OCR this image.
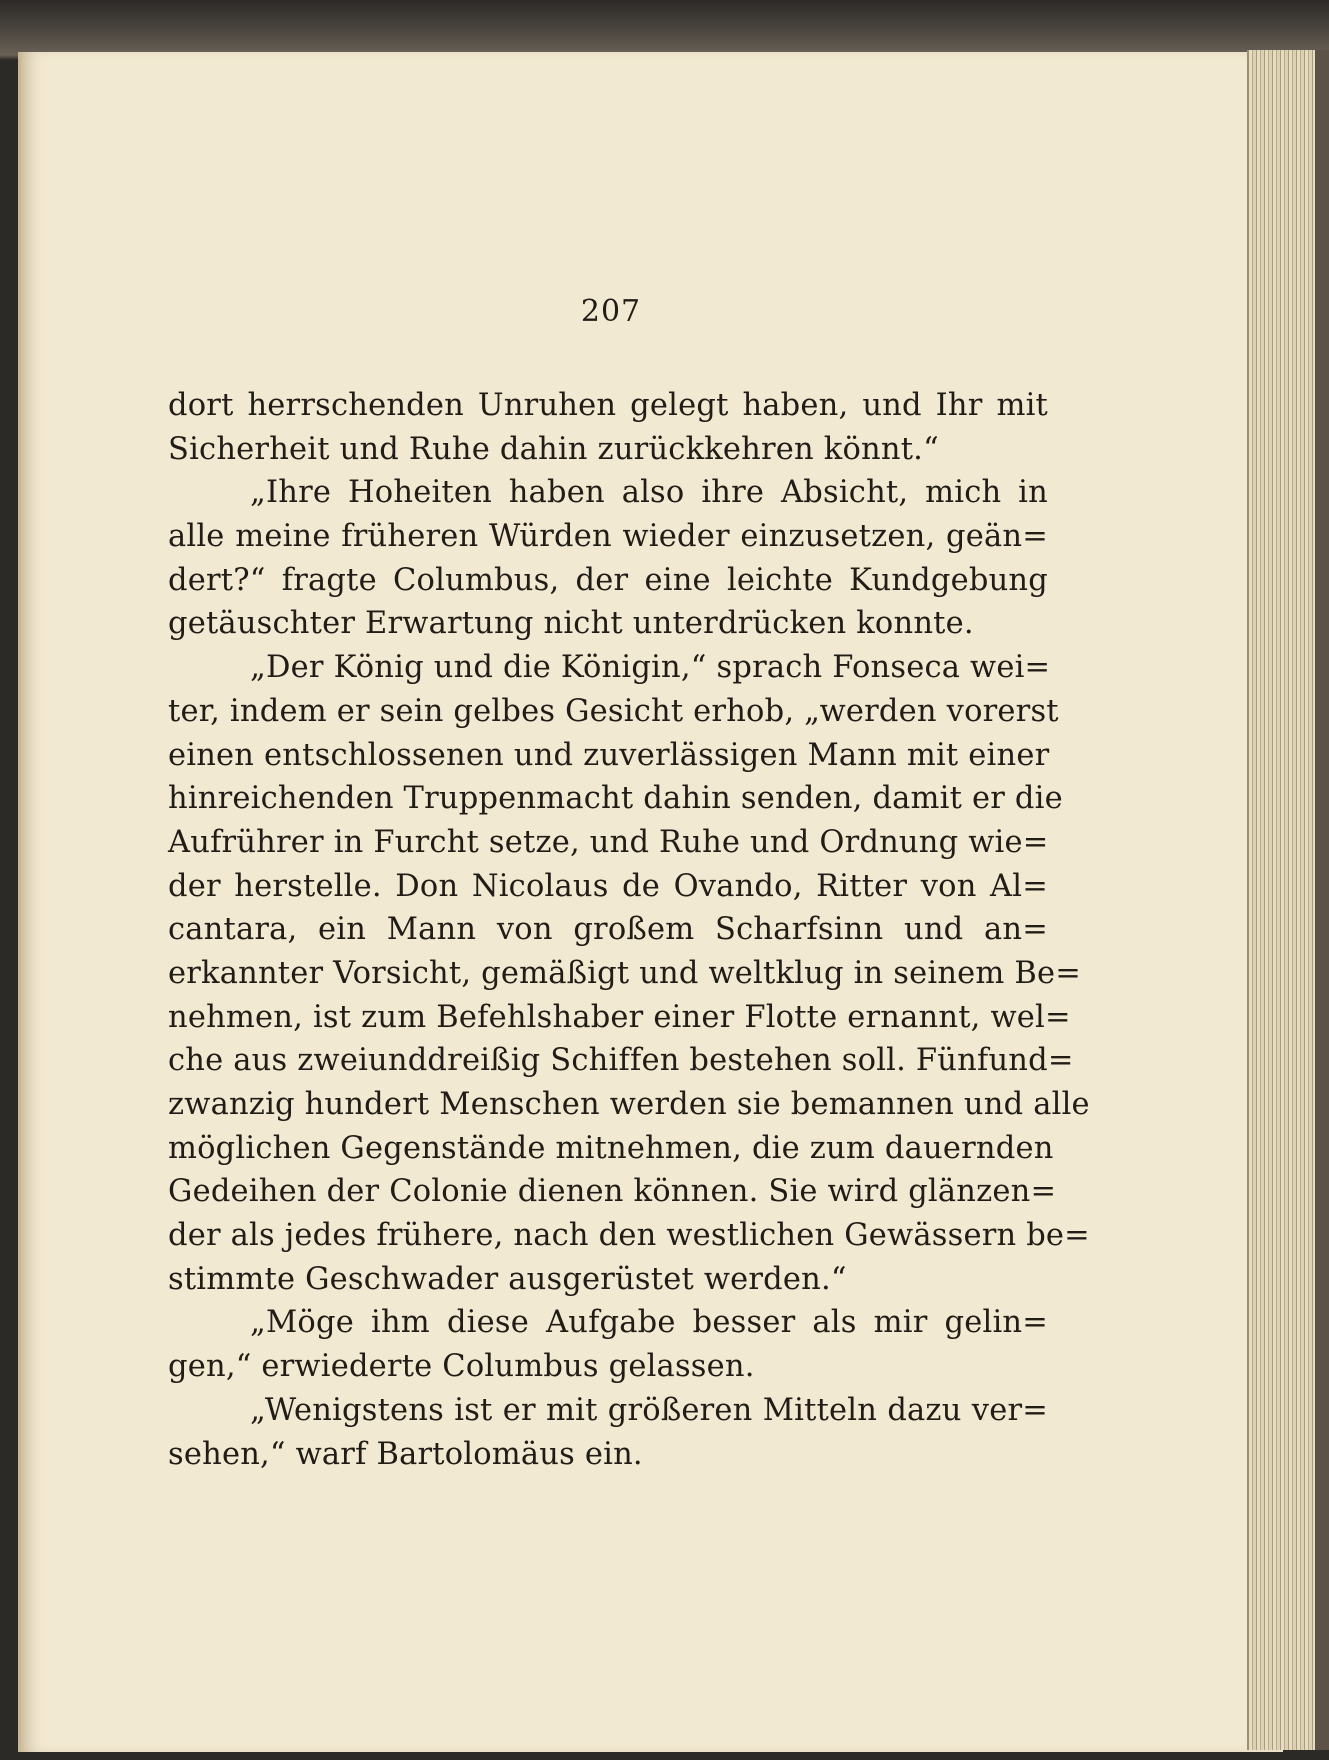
207
dort herrschenden Unruhen gelegt haben, und Ihr mit
Sicherheit und Ruhe dahin zurückkehren könnt.“
„Ihre Hoheiten haben also ihre Absicht, mich in
alle meine früheren Würden wieder einzusetzen, geän=
dert?“ fragte Columbus, der eine leichte Kundgebung
getäuschter Erwartung nicht unterdrücken konnte.
„Der König und die Königin,“ sprach Fonseca wei=
ter, indem er sein gelbes Gesicht erhob, „werden vorerst
einen entschlossenen und zuverlässigen Mann mit einer
hinreichenden Truppenmacht dahin senden, damit er die
Aufrührer in Furcht setze, und Ruhe und Ordnung wie=
der herstelle. Don Nicolaus de Ovando, Ritter von Al=
cantara, ein Mann von großem Scharfsinn und an=
erkannter Vorsicht, gemäßigt und weltklug in seinem Be=
nehmen, ist zum Befehlshaber einer Flotte ernannt, wel=
che aus zweiunddreißig Schiffen bestehen soll. Fünfund=
zwanzig hundert Menschen werden sie bemannen und alle
möglichen Gegenstände mitnehmen, die zum dauernden
Gedeihen der Colonie dienen können. Sie wird glänzen=
der als jedes frühere, nach den westlichen Gewässern be=
stimmte Geschwader ausgerüstet werden.“
„Möge ihm diese Aufgabe besser als mir gelin=
gen,“ erwiederte Columbus gelassen.
„Wenigstens ist er mit größeren Mitteln dazu ver=
sehen,“ warf Bartolomäus ein.
